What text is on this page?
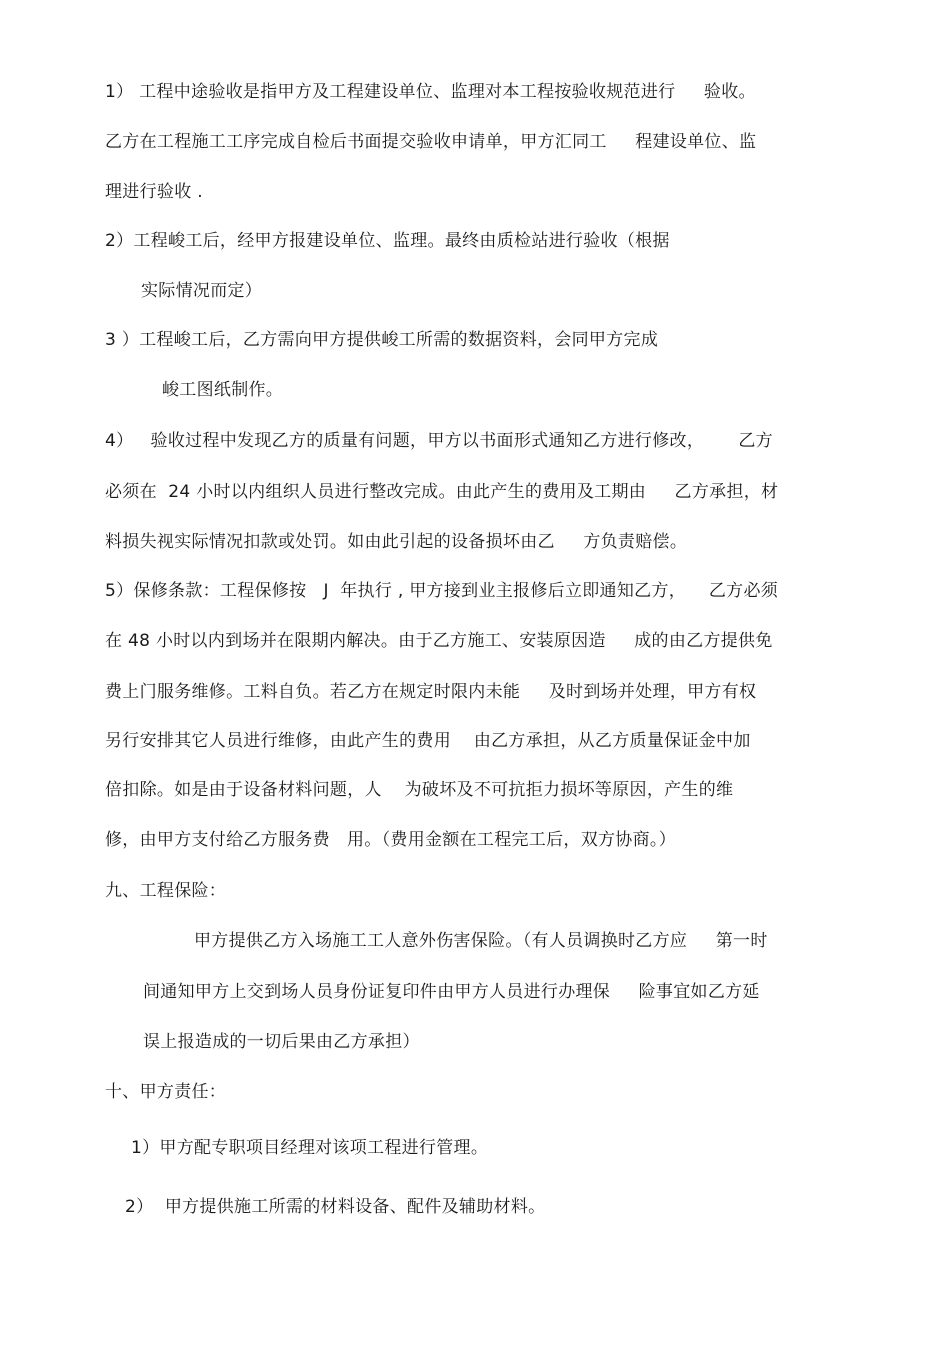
1） 工程中途验收是指甲方及工程建设单位、监理对本工程按验收规范进行     验收。
乙方在工程施工工序完成自检后书面提交验收申请单，甲方汇同工     程建设单位、监
理进行验收 .
2）工程峻工后，经甲方报建设单位、监理。最终由质检站进行验收（根据
实际情况而定）
3 ）工程峻工后，乙方需向甲方提供峻工所需的数据资料，会同甲方完成
峻工图纸制作。
4）   验收过程中发现乙方的质量有问题，甲方以书面形式通知乙方进行修改，      乙方
必须在  24 小时以内组织人员进行整改完成。由此产生的费用及工期由     乙方承担，材
料损失视实际情况扣款或处罚。如由此引起的设备损坏由乙     方负责赔偿。
5）保修条款：工程保修按   J  年执行 , 甲方接到业主报修后立即通知乙方，    乙方必须
在 48 小时以内到场并在限期内解决。由于乙方施工、安装原因造     成的由乙方提供免
费上门服务维修。工料自负。若乙方在规定时限内未能     及时到场并处理，甲方有权
另行安排其它人员进行维修，由此产生的费用    由乙方承担，从乙方质量保证金中加
倍扣除。如是由于设备材料问题，人    为破坏及不可抗拒力损坏等原因，产生的维
修，由甲方支付给乙方服务费   用。（费用金额在工程完工后，双方协商。）
九、工程保险：
甲方提供乙方入场施工工人意外伤害保险。（有人员调换时乙方应     第一时
间通知甲方上交到场人员身份证复印件由甲方人员进行办理保     险事宜如乙方延
误上报造成的一切后果由乙方承担）
十、甲方责任：
1）甲方配专职项目经理对该项工程进行管理。
2）  甲方提供施工所需的材料设备、配件及辅助材料。
